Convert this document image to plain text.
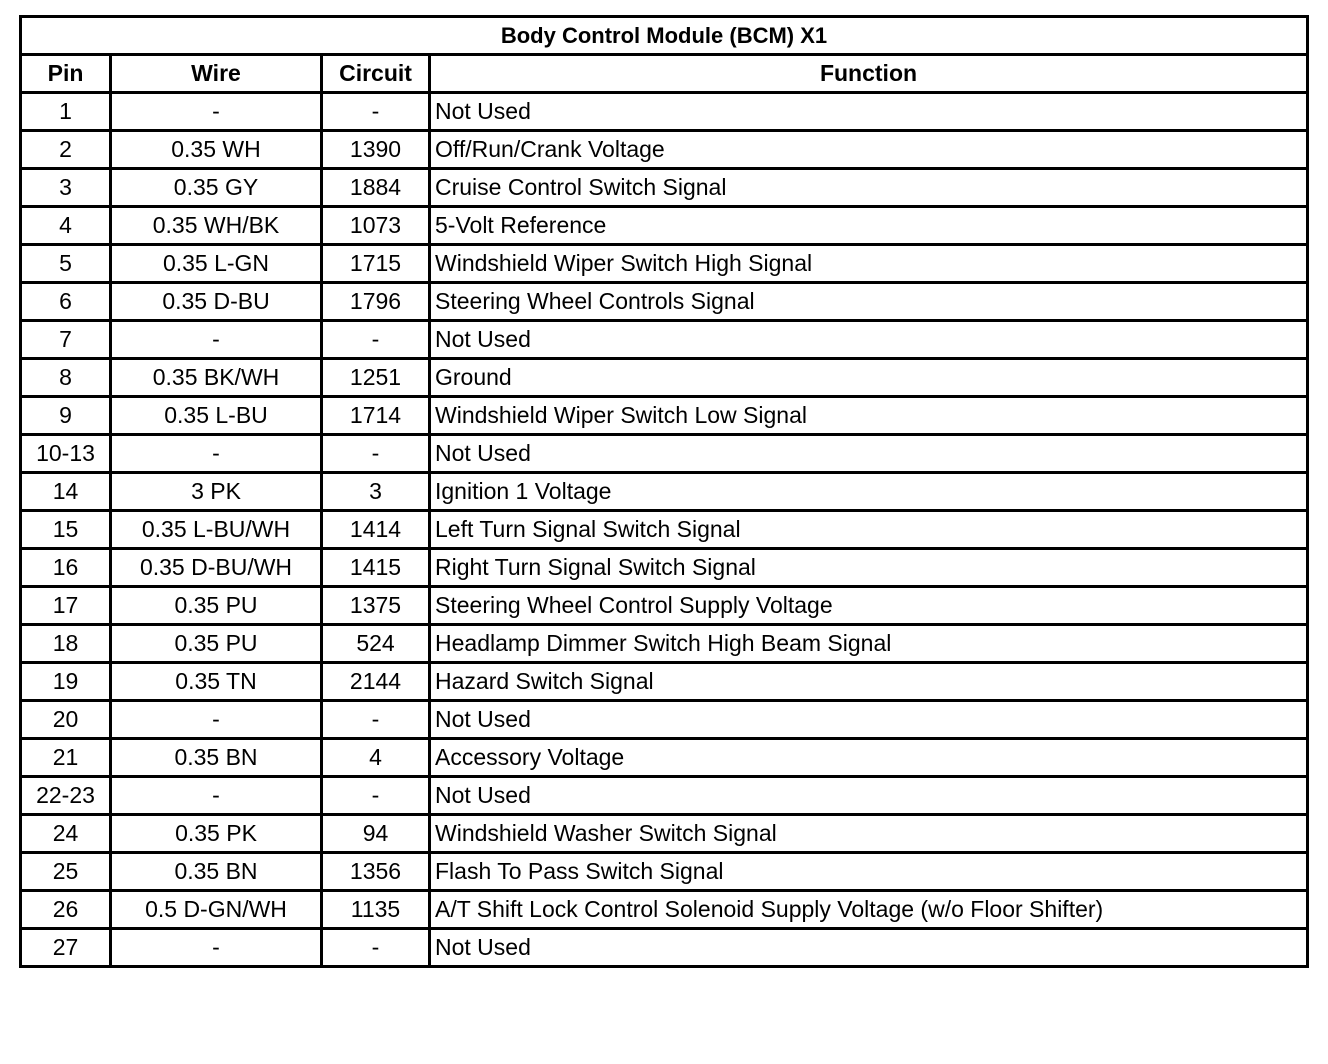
Body Control Module (BCM) X1			
Pin	Wire	Circuit	Function
1	-	-	Not Used
2	0.35 WH	1390	Off/Run/Crank Voltage
3	0.35 GY	1884	Cruise Control Switch Signal
4	0.35 WH/BK	1073	5-Volt Reference
5	0.35 L-GN	1715	Windshield Wiper Switch High Signal
6	0.35 D-BU	1796	Steering Wheel Controls Signal
7	-	-	Not Used
8	0.35 BK/WH	1251	Ground
9	0.35 L-BU	1714	Windshield Wiper Switch Low Signal
10-13	-	-	Not Used
14	3 PK	3	Ignition 1 Voltage
15	0.35 L-BU/WH	1414	Left Turn Signal Switch Signal
16	0.35 D-BU/WH	1415	Right Turn Signal Switch Signal
17	0.35 PU	1375	Steering Wheel Control Supply Voltage
18	0.35 PU	524	Headlamp Dimmer Switch High Beam Signal
19	0.35 TN	2144	Hazard Switch Signal
20	-	-	Not Used
21	0.35 BN	4	Accessory Voltage
22-23	-	-	Not Used
24	0.35 PK	94	Windshield Washer Switch Signal
25	0.35 BN	1356	Flash To Pass Switch Signal
26	0.5 D-GN/WH	1135	A/T Shift Lock Control Solenoid Supply Voltage (w/o Floor Shifter)
27	-	-	Not Used
